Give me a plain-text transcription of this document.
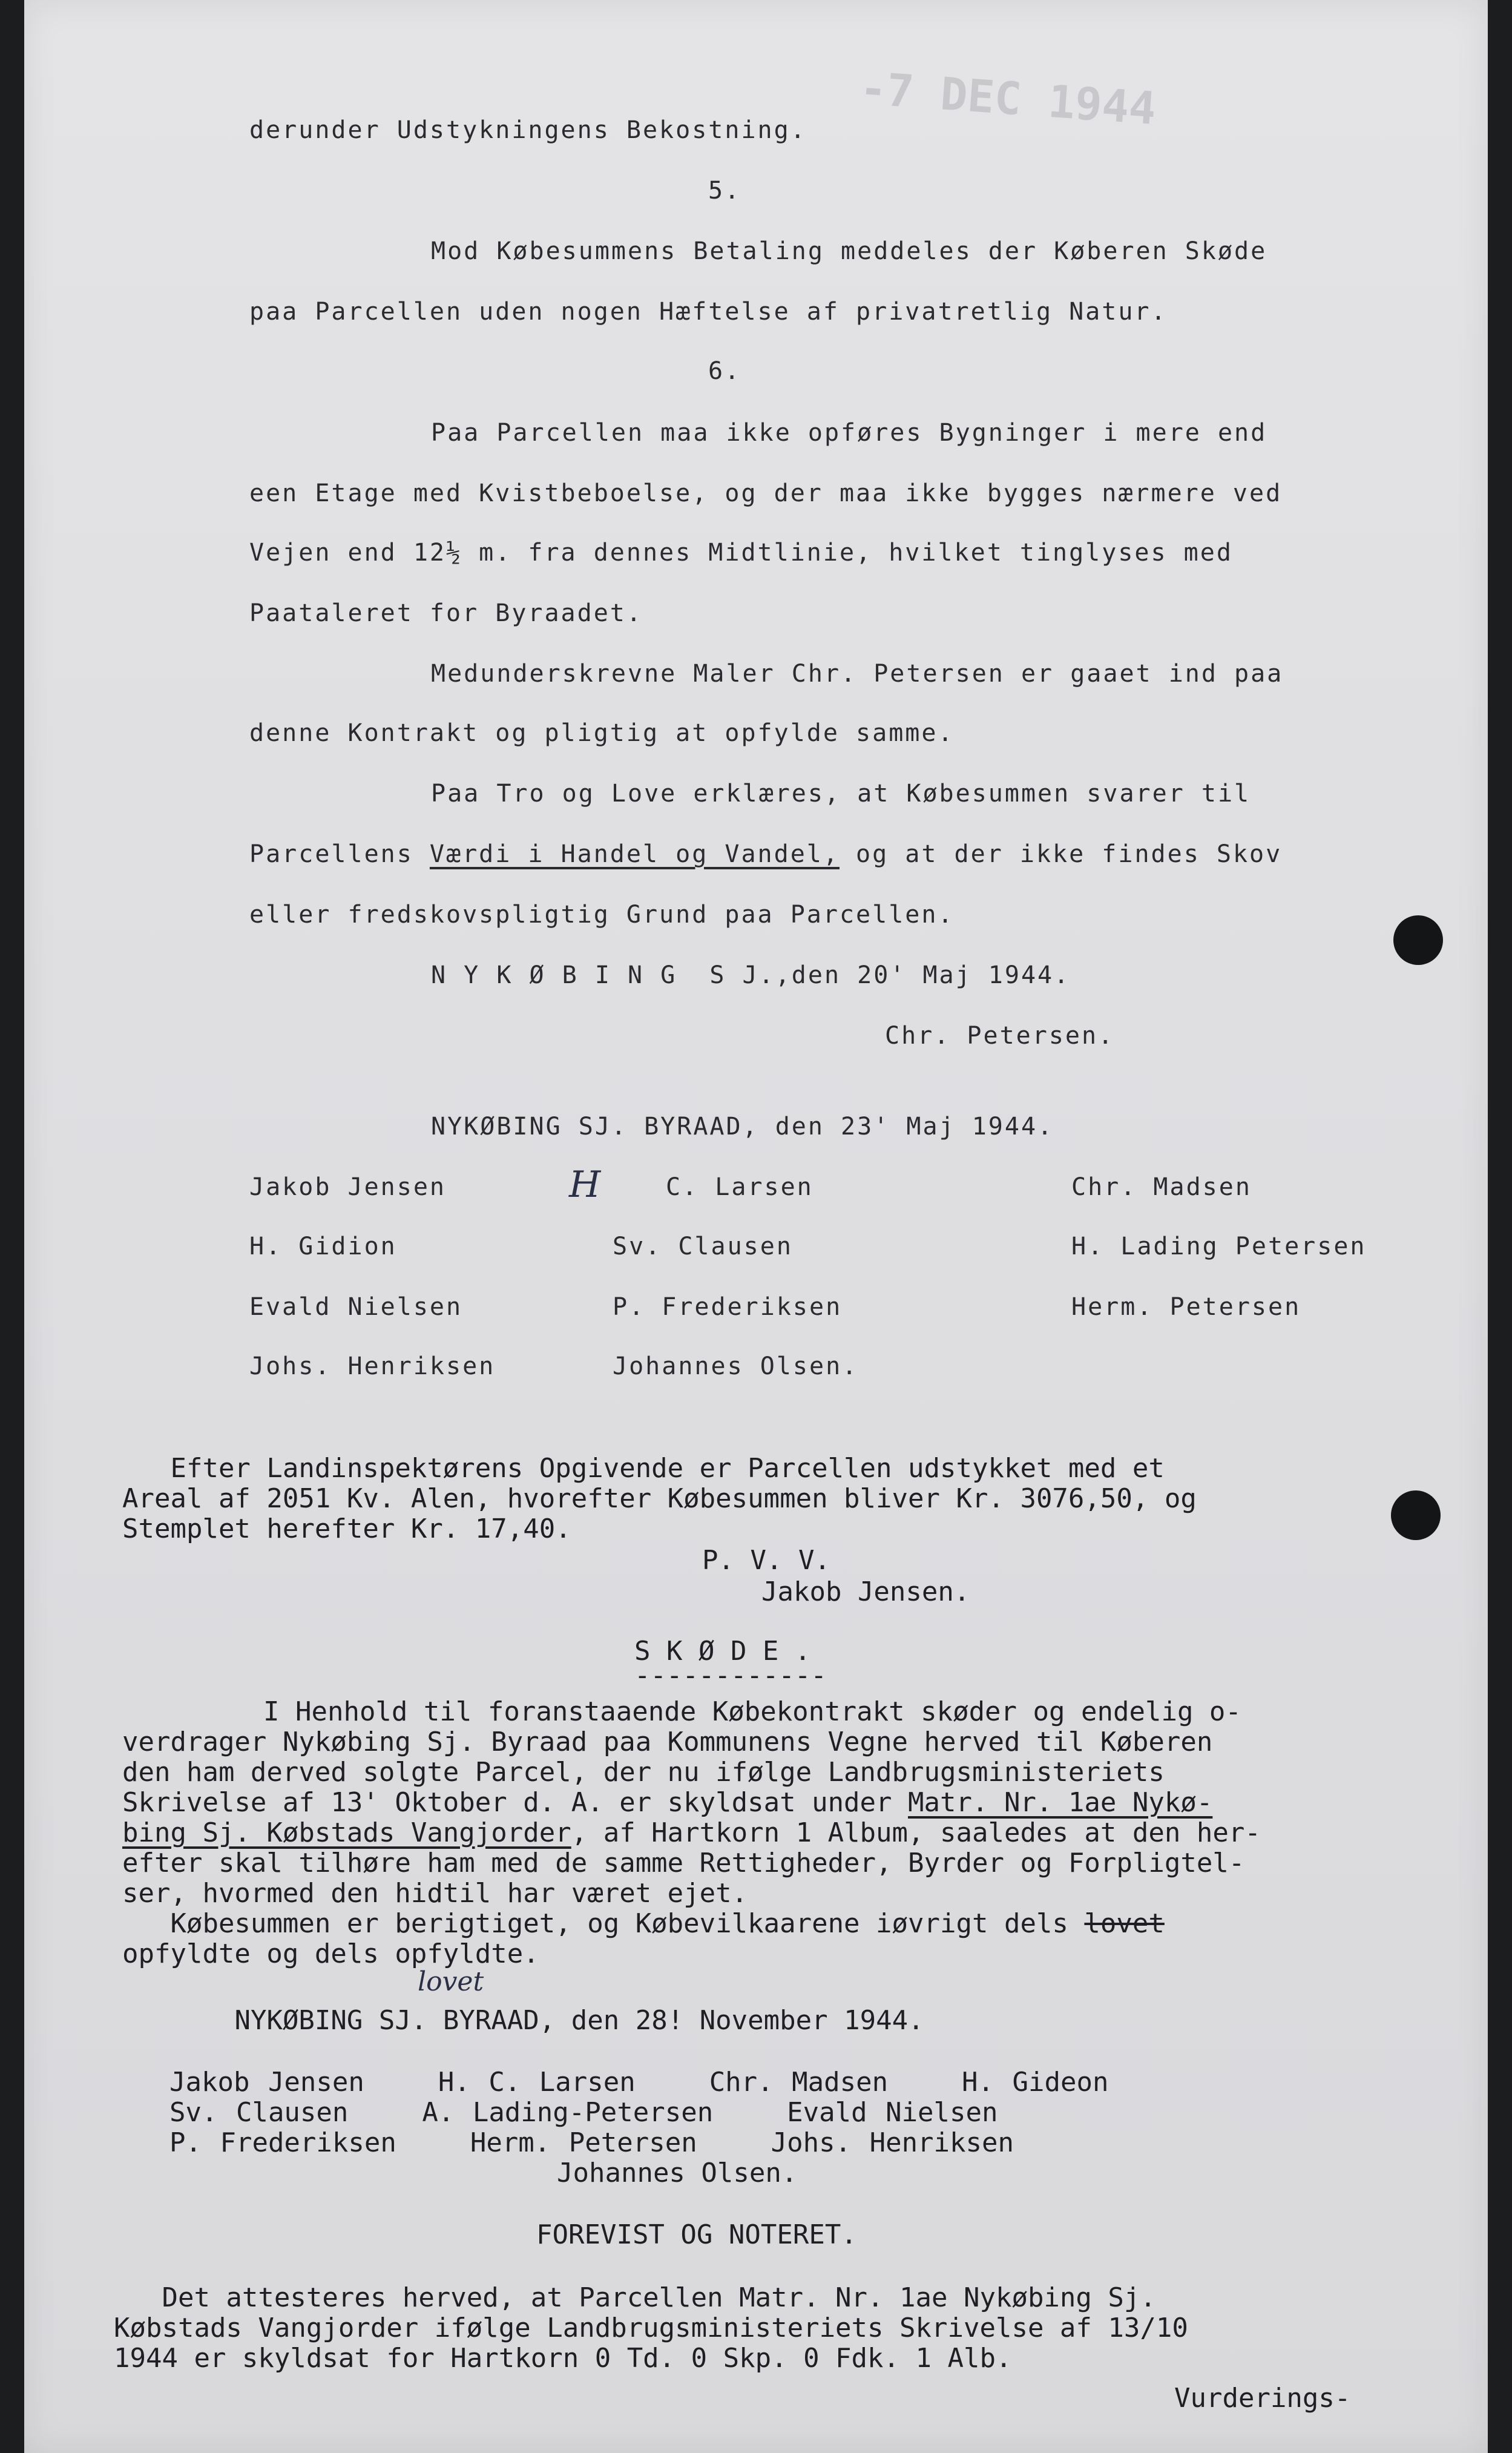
-7 DEC 1944

derunder Udstykningens Bekostning.

5.

Mod Købesummens Betaling meddeles der Køberen Skøde

paa Parcellen uden nogen Hæftelse af privatretlig Natur.

6.

Paa Parcellen maa ikke opføres Bygninger i mere end

een Etage med Kvistbeboelse, og der maa ikke bygges nærmere ved

Vejen end 12½ m. fra dennes Midtlinie, hvilket tinglyses med

Paataleret for Byraadet.

Medunderskrevne Maler Chr. Petersen er gaaet ind paa

denne Kontrakt og pligtig at opfylde samme.

Paa Tro og Love erklæres, at Købesummen svarer til

Parcellens Værdi i Handel og Vandel, og at der ikke findes Skov

eller fredskovspligtig Grund paa Parcellen.

N Y K Ø B I N G  S J.,den 20' Maj 1944.

Chr. Petersen.

NYKØBING SJ. BYRAAD, den 23' Maj 1944.

Jakob Jensen	H	C. Larsen	Chr. Madsen

H. Gidion	Sv. Clausen	H. Lading Petersen

Evald Nielsen	P. Frederiksen	Herm. Petersen

Johs. Henriksen	Johannes Olsen.

Efter Landinspektørens Opgivende er Parcellen udstykket med et

Areal af 2051 Kv. Alen, hvorefter Købesummen bliver Kr. 3076,50, og

Stemplet herefter Kr. 17,40.

P. V. V.

Jakob Jensen.

S K Ø D E .

------------

I Henhold til foranstaaende Købekontrakt skøder og endelig o-

verdrager Nykøbing Sj. Byraad paa Kommunens Vegne herved til Køberen

den ham derved solgte Parcel, der nu ifølge Landbrugsministeriets

Skrivelse af 13' Oktober d. A. er skyldsat under Matr. Nr. 1ae Nykø-

bing Sj. Købstads Vangjorder, af Hartkorn 1 Album, saaledes at den her-

efter skal tilhøre ham med de samme Rettigheder, Byrder og Forpligtel-

ser, hvormed den hidtil har været ejet.

Købesummen er berigtiget, og Købevilkaarene iøvrigt dels lovet

opfyldte og dels opfyldte.

lovet

NYKØBING SJ. BYRAAD, den 28! November 1944.

Jakob Jensen    H. C. Larsen    Chr. Madsen    H. Gideon

Sv. Clausen    A. Lading-Petersen    Evald Nielsen

P. Frederiksen    Herm. Petersen    Johs. Henriksen

Johannes Olsen.

FOREVIST OG NOTERET.

Det attesteres herved, at Parcellen Matr. Nr. 1ae Nykøbing Sj.

Købstads Vangjorder ifølge Landbrugsministeriets Skrivelse af 13/10

1944 er skyldsat for Hartkorn 0 Td. 0 Skp. 0 Fdk. 1 Alb.

Vurderings-
